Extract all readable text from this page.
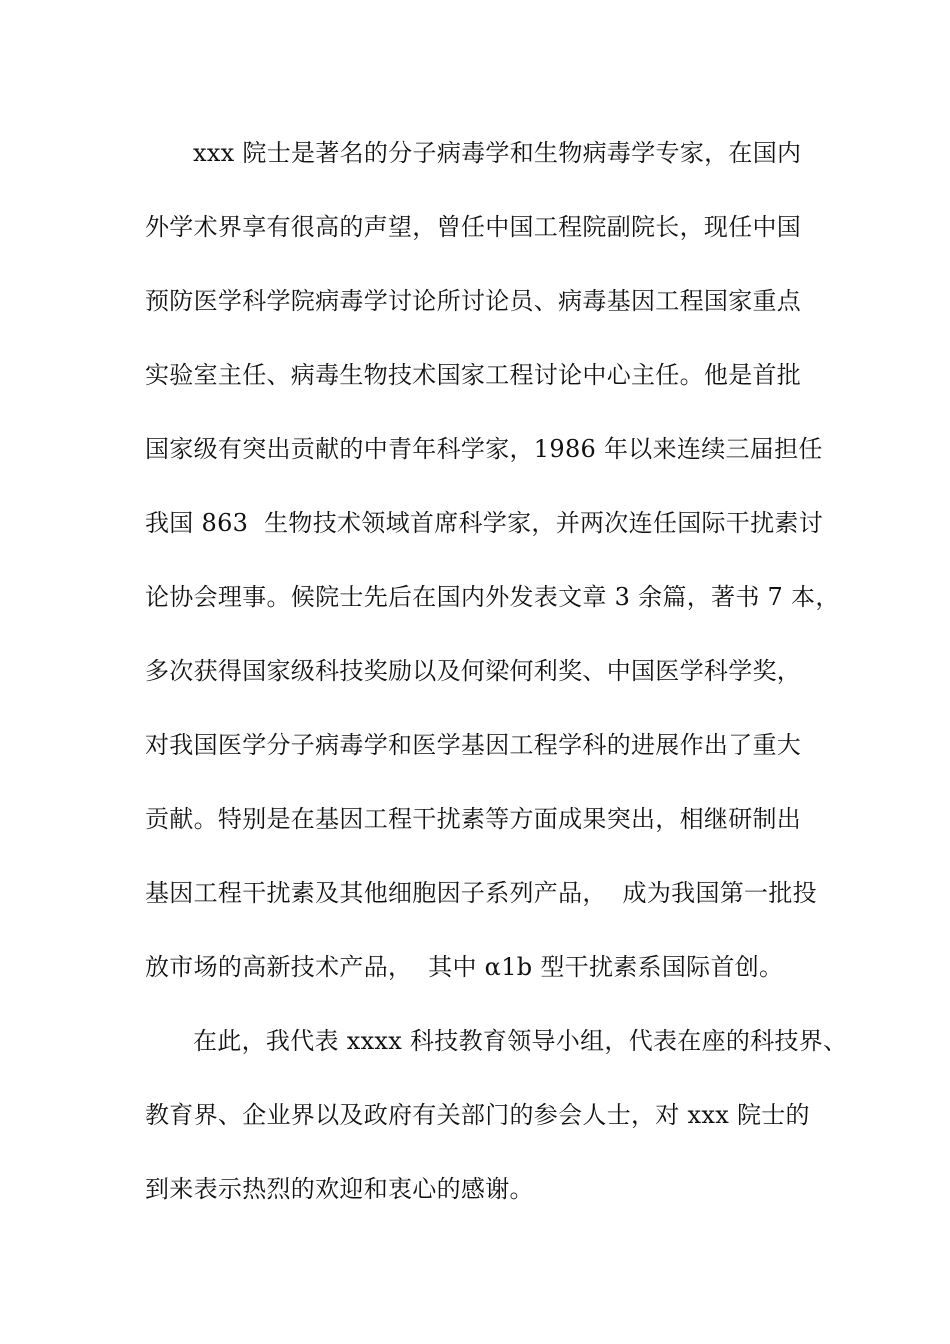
xxx 院士是著名的分子病毒学和生物病毒学专家，在国内
外学术界享有很高的声望，曾任中国工程院副院长，现任中国
预防医学科学院病毒学讨论所讨论员、病毒基因工程国家重点
实验室主任、病毒生物技术国家工程讨论中心主任。他是首批
国家级有突出贡献的中青年科学家，1986 年以来连续三届担任
我国 863  生物技术领域首席科学家，并两次连任国际干扰素讨
论协会理事。候院士先后在国内外发表文章 3 余篇，著书 7 本，
多次获得国家级科技奖励以及何梁何利奖、中国医学科学奖，
对我国医学分子病毒学和医学基因工程学科的进展作出了重大
贡献。特别是在基因工程干扰素等方面成果突出，相继研制出
基因工程干扰素及其他细胞因子系列产品，  成为我国第一批投
放市场的高新技术产品，  其中 α1b 型干扰素系国际首创。
在此，我代表 xxxx 科技教育领导小组，代表在座的科技界、
教育界、企业界以及政府有关部门的参会人士，对 xxx 院士的
到来表示热烈的欢迎和衷心的感谢。
